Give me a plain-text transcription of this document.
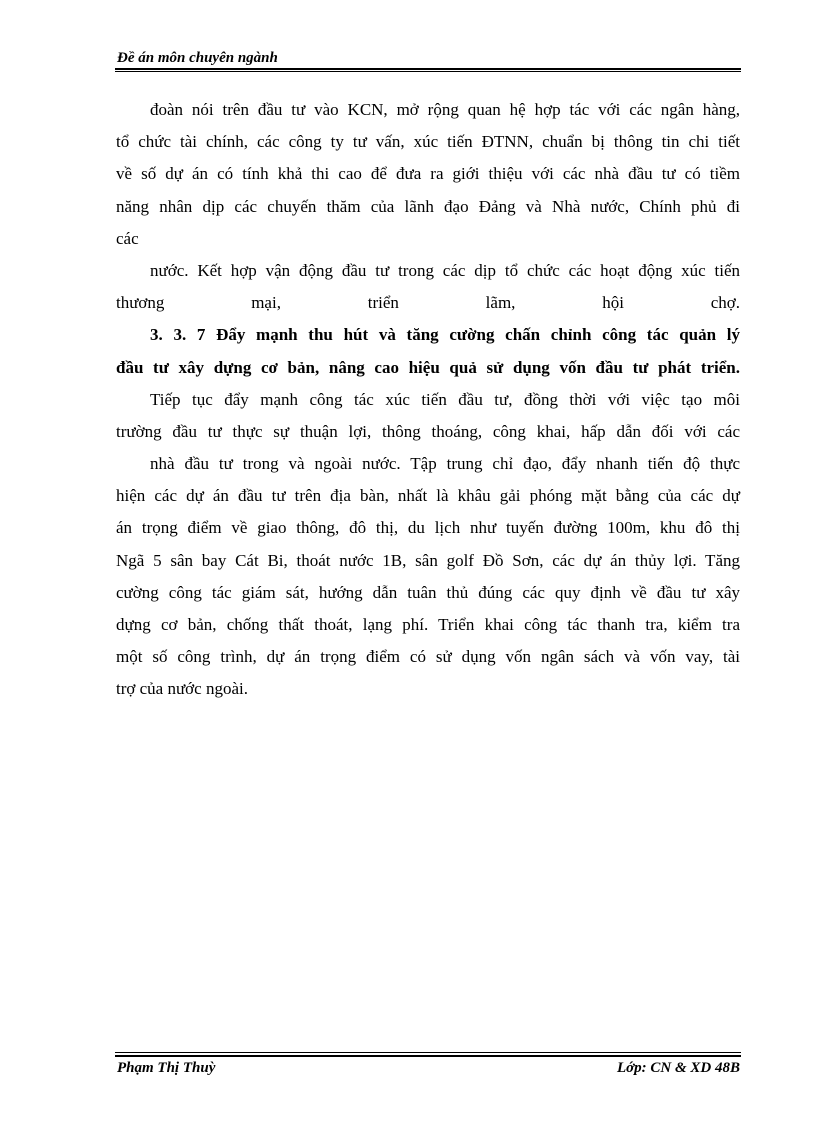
Đề án môn chuyên ngành
đoàn nói trên đầu tư vào KCN, mở rộng quan hệ hợp tác với các ngân hàng,
tổ chức tài chính, các công ty tư vấn, xúc tiến ĐTNN, chuẩn bị thông tin chi tiết
về số dự án có tính khả thi cao để đưa ra giới thiệu với các nhà đầu tư có tiềm
năng nhân dịp các chuyến thăm của lãnh đạo Đảng và Nhà nước, Chính phủ đi
các
nước. Kết hợp vận động đầu tư trong các dịp tổ chức các hoạt động xúc tiến
thương mại, triển lãm, hội chợ.
3. 3. 7 Đẩy mạnh thu hút và tăng cường chấn chỉnh công tác quản lý
đầu tư xây dựng cơ bản, nâng cao hiệu quả sử dụng vốn đầu tư phát triển.
Tiếp tục đẩy mạnh công tác xúc tiến đầu tư, đồng thời với việc tạo môi
trường đầu tư thực sự thuận lợi, thông thoáng, công khai, hấp dẫn đối với các
nhà đầu tư trong và ngoài nước. Tập trung chỉ đạo, đẩy nhanh tiến độ thực
hiện các dự án đầu tư trên địa bàn, nhất là khâu gải phóng mặt bằng của các dự
án trọng điểm về giao thông, đô thị, du lịch như tuyến đường 100m, khu đô thị
Ngã 5 sân bay Cát Bi, thoát nước 1B, sân golf Đồ Sơn, các dự án thủy lợi. Tăng
cường công tác giám sát, hướng dẫn tuân thủ đúng các quy định về đầu tư xây
dựng cơ bản, chống thất thoát, lạng phí. Triển khai công tác thanh tra, kiểm tra
một số công trình, dự án trọng điểm có sử dụng vốn ngân sách và vốn vay, tài
trợ của nước ngoài.
Phạm Thị Thuỳ	Lớp: CN & XD 48B
